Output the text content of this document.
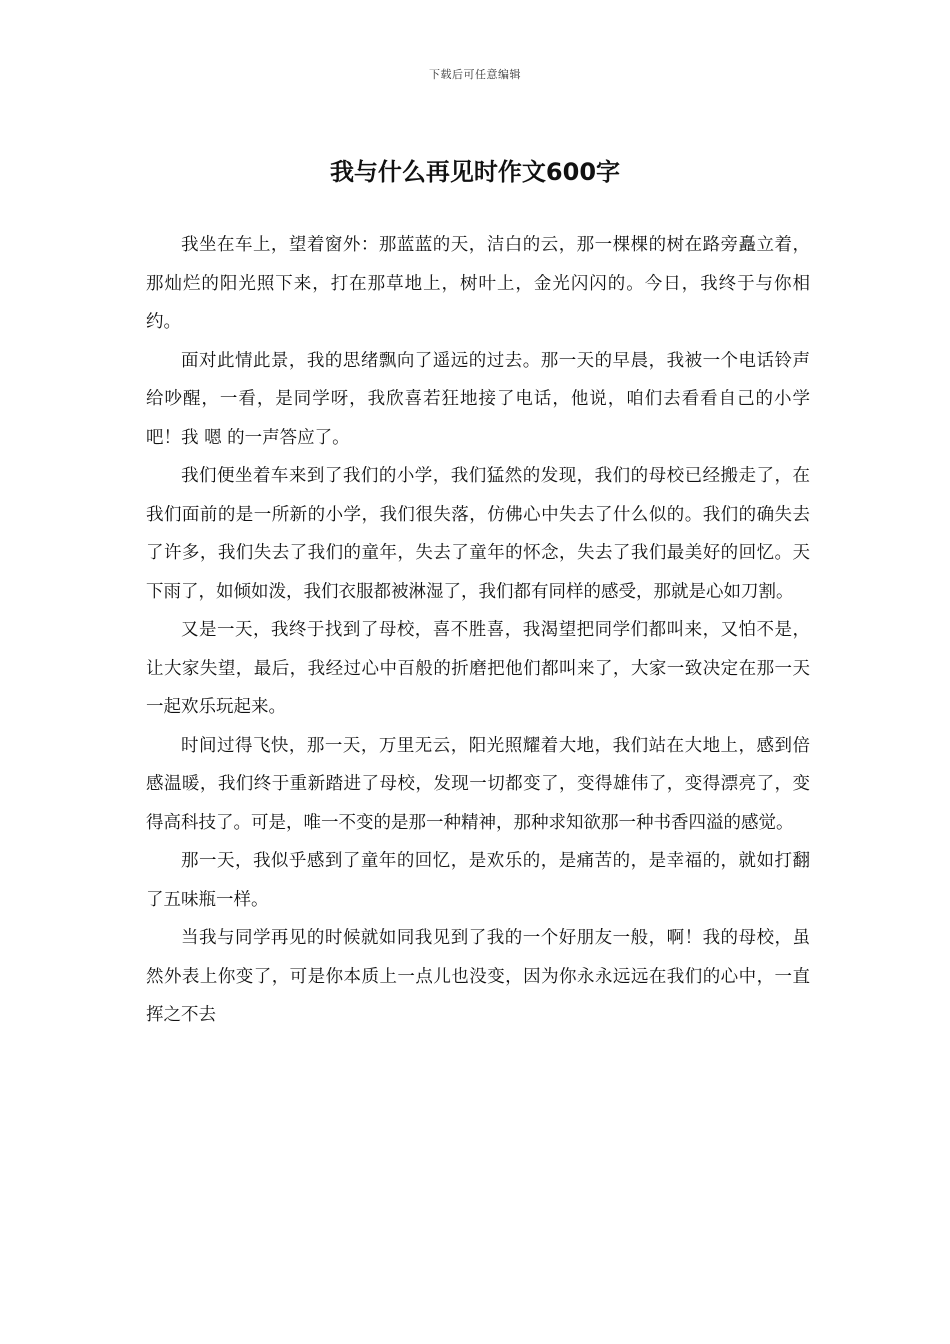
下载后可任意编辑
我与什么再见时作文600字

我坐在车上，望着窗外：那蓝蓝的天，洁白的云，那一棵棵的树在路旁矗立着，那灿烂的阳光照下来，打在那草地上，树叶上，金光闪闪的。今日，我终于与你相约。

面对此情此景，我的思绪飘向了遥远的过去。那一天的早晨，我被一个电话铃声给吵醒，一看，是同学呀，我欣喜若狂地接了电话，他说，咱们去看看自己的小学吧！我 嗯 的一声答应了。

我们便坐着车来到了我们的小学，我们猛然的发现，我们的母校已经搬走了，在我们面前的是一所新的小学，我们很失落，仿佛心中失去了什么似的。我们的确失去了许多，我们失去了我们的童年，失去了童年的怀念，失去了我们最美好的回忆。天下雨了，如倾如泼，我们衣服都被淋湿了，我们都有同样的感受，那就是心如刀割。

又是一天，我终于找到了母校，喜不胜喜，我渴望把同学们都叫来，又怕不是，让大家失望，最后，我经过心中百般的折磨把他们都叫来了，大家一致决定在那一天一起欢乐玩起来。

时间过得飞快，那一天，万里无云，阳光照耀着大地，我们站在大地上，感到倍感温暖，我们终于重新踏进了母校，发现一切都变了，变得雄伟了，变得漂亮了，变得高科技了。可是，唯一不变的是那一种精神，那种求知欲那一种书香四溢的感觉。

那一天，我似乎感到了童年的回忆，是欢乐的，是痛苦的，是幸福的，就如打翻了五味瓶一样。

当我与同学再见的时候就如同我见到了我的一个好朋友一般，啊！我的母校，虽然外表上你变了，可是你本质上一点儿也没变，因为你永永远远在我们的心中，一直挥之不去
